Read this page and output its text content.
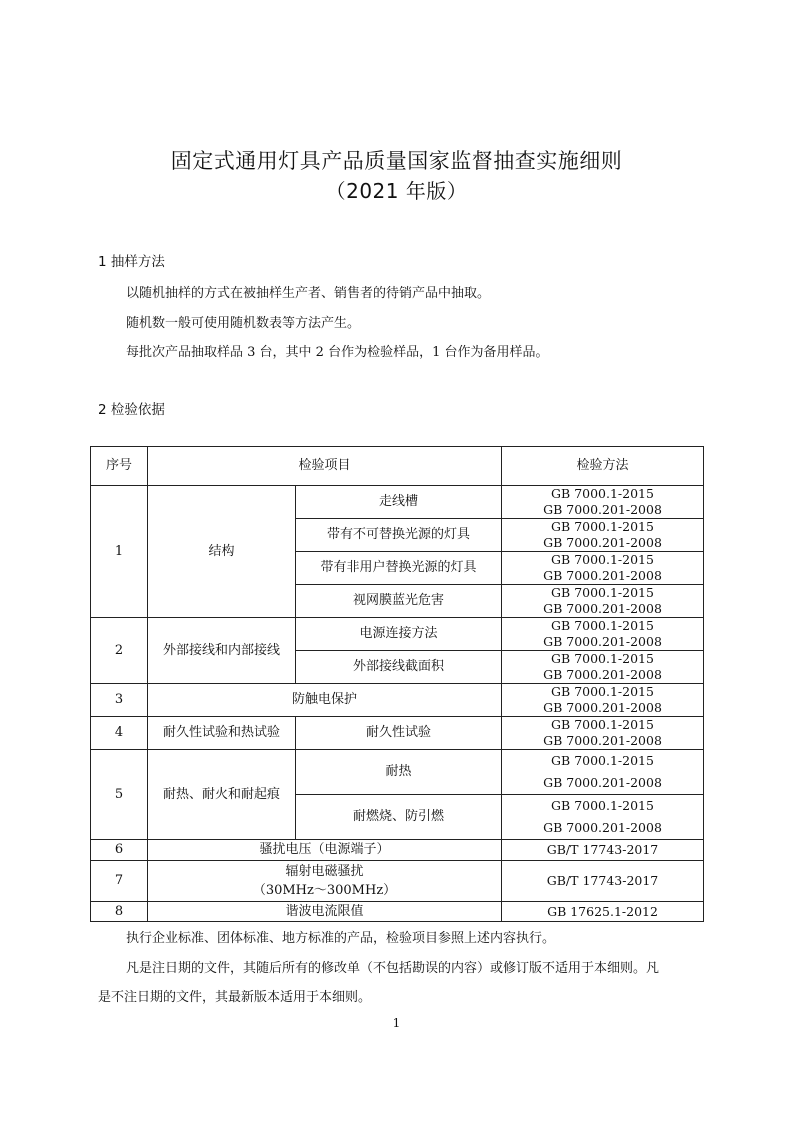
固定式通用灯具产品质量国家监督抽查实施细则
（2021 年版）
1 抽样方法
以随机抽样的方式在被抽样生产者、销售者的待销产品中抽取。
随机数一般可使用随机数表等方法产生。
每批次产品抽取样品 3 台，其中 2 台作为检验样品，1 台作为备用样品。
2 检验依据
序号	检验项目		检验方法
1	结构	走线槽	GB 7000.1-2015
GB 7000.201-2008

		带有不可替换光源的灯具	GB 7000.1-2015
GB 7000.201-2008

		带有非用户替换光源的灯具	GB 7000.1-2015
GB 7000.201-2008

		视网膜蓝光危害	GB 7000.1-2015
GB 7000.201-2008

2	外部接线和内部接线	电源连接方法	GB 7000.1-2015
GB 7000.201-2008

		外部接线截面积	GB 7000.1-2015
GB 7000.201-2008

3	防触电保护		GB 7000.1-2015
GB 7000.201-2008

4	耐久性试验和热试验	耐久性试验	GB 7000.1-2015
GB 7000.201-2008

5	耐热、耐火和耐起痕	耐热	GB 7000.1-2015
GB 7000.201-2008

		耐燃烧、防引燃	GB 7000.1-2015
GB 7000.201-2008

6	骚扰电压（电源端子）		GB/T 17743-2017
7	辐射电磁骚扰
（30MHz～300MHz）		GB/T 17743-2017
8	谐波电流限值		GB 17625.1-2012
执行企业标准、团体标准、地方标准的产品，检验项目参照上述内容执行。
凡是注日期的文件，其随后所有的修改单（不包括勘误的内容）或修订版不适用于本细则。凡
是不注日期的文件，其最新版本适用于本细则。
1
